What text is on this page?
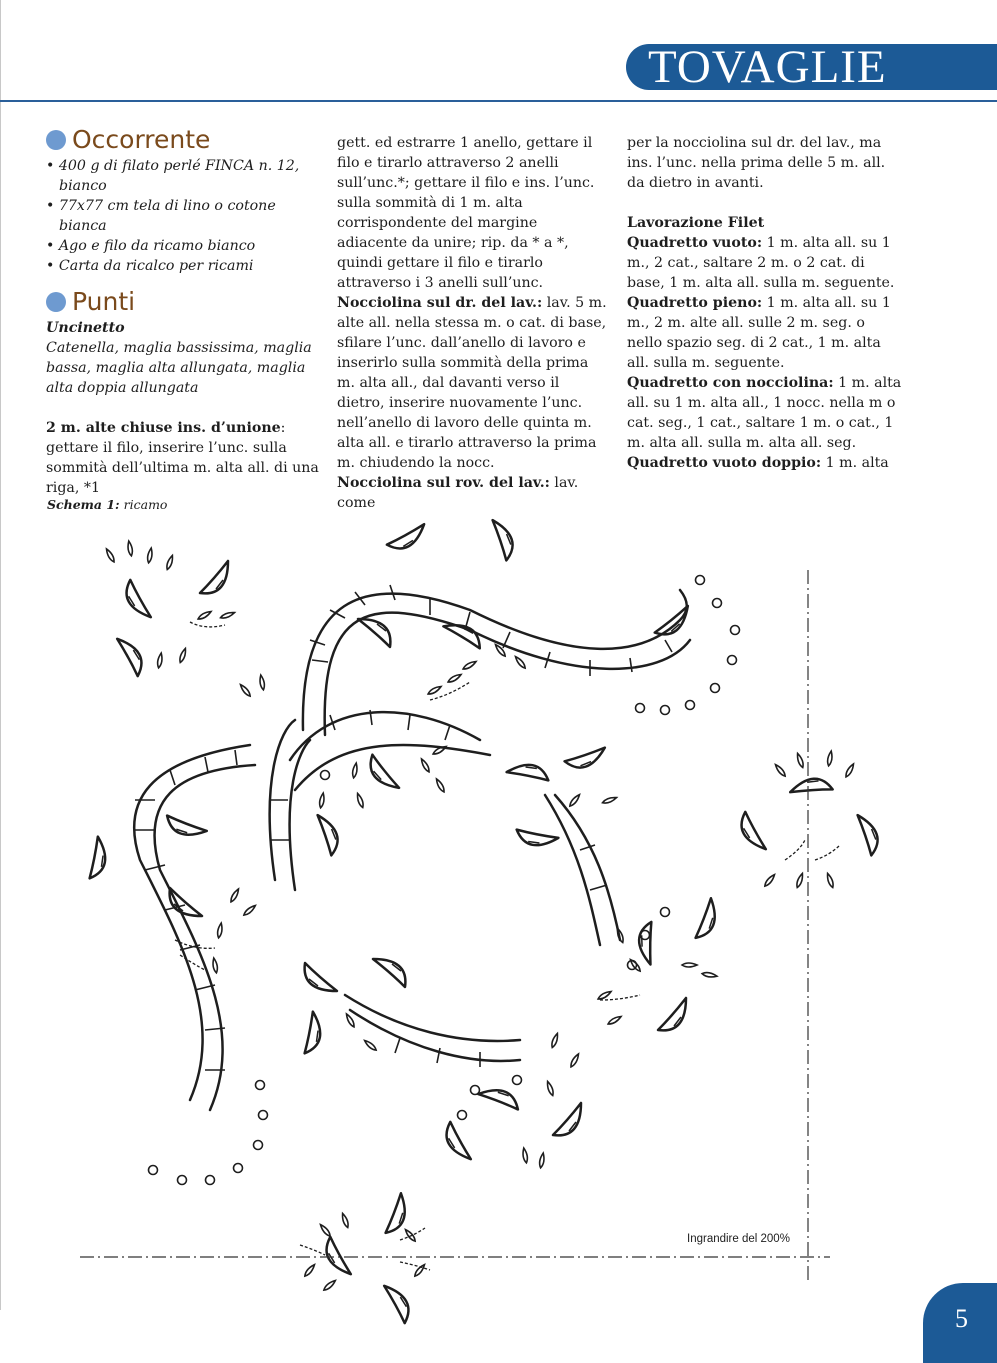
TOVAGLIE
Occorrente

• 400 g di filato perlé FINCA n. 12, bianco

• 77x77 cm tela di lino o cotone bianca

• Ago e filo da ricamo bianco

• Carta da ricalco per ricami

Punti

Uncinetto

Catenella, maglia bassissima, maglia bassa, maglia alta allungata, maglia alta doppia allungata

2 m. alte chiuse ins. d’unione: gettare il filo, inserire l’unc. sulla sommità dell’ultima m. alta all. di una riga, *1

gett. ed estrarre 1 anello, gettare il filo e tirarlo attraverso 2 anelli sull’unc.*; gettare il filo e ins. l’unc. sulla sommità di 1 m. alta corrispondente del margine adiacente da unire; rip. da * a *, quindi gettare il filo e tirarlo attraverso i 3 anelli sull’unc.

Nocciolina sul dr. del lav.: lav. 5 m. alte all. nella stessa m. o cat. di base, sfilare l’unc. dall’anello di lavoro e inserirlo sulla sommità della prima m. alta all., dal davanti verso il dietro, inserire nuovamente l’unc. nell’anello di lavoro delle quinta m. alta all. e tirarlo attraverso la prima m. chiudendo la nocc.

Nocciolina sul rov. del lav.: lav. come

per la nocciolina sul dr. del lav., ma ins. l’unc. nella prima delle 5 m. all. da dietro in avanti.

Lavorazione Filet

Quadretto vuoto: 1 m. alta all. su 1 m., 2 cat., saltare 2 m. o 2 cat. di base, 1 m. alta all. sulla m. seguente.

Quadretto pieno: 1 m. alta all. su 1 m., 2 m. alte all. sulle 2 m. seg. o nello spazio seg. di 2 cat., 1 m. alta all. sulla m. seguente.

Quadretto con nocciolina: 1 m. alta all. su 1 m. alta all., 1 nocc. nella m o cat. seg., 1 cat., saltare 1 m. o cat., 1 m. alta all. sulla m. alta all. seg.

Quadretto vuoto doppio: 1 m. alta

Schema 1: ricamo
Ingrandire del 200%
5
